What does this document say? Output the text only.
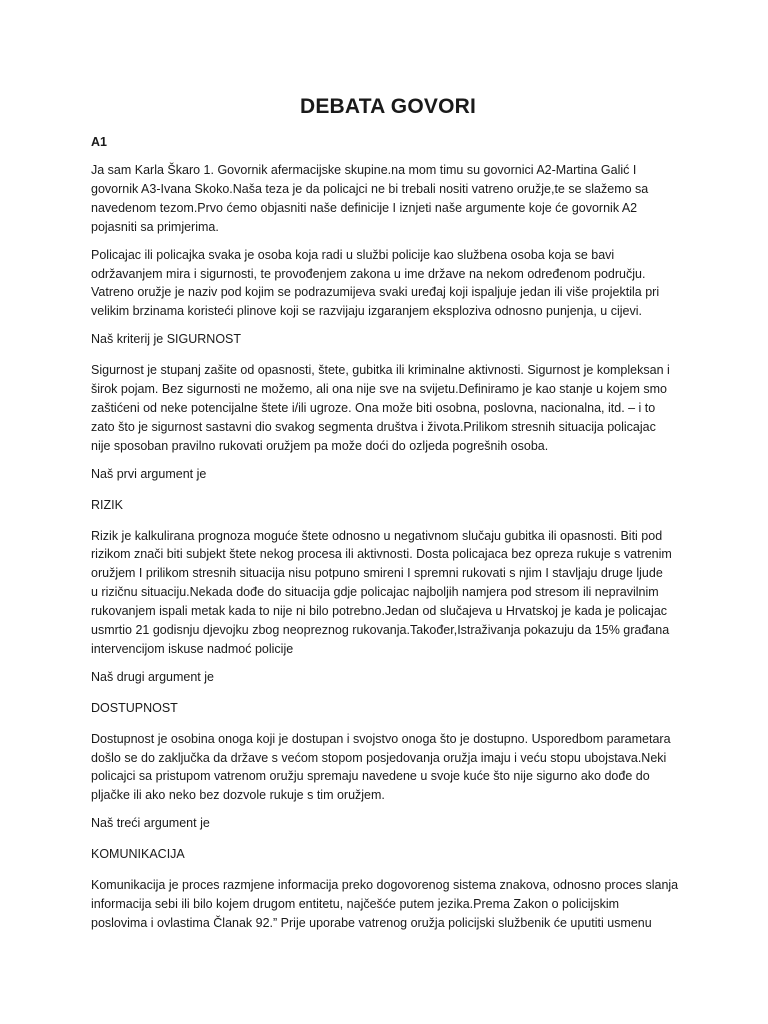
DEBATA GOVORI
A1

Ja sam Karla Škaro 1. Govornik afermacijske skupine.na mom timu su govornici A2-Martina Galić I
govornik A3-Ivana Skoko.Naša teza je da policajci ne bi trebali nositi vatreno oružje,te se slažemo sa
navedenom tezom.Prvo ćemo objasniti naše definicije I iznjeti naše argumente koje će govornik A2
pojasniti sa primjerima.

Policajac ili policajka svaka je osoba koja radi u službi policije kao službena osoba koja se bavi
održavanjem mira i sigurnosti, te provođenjem zakona u ime države na nekom određenom području.
Vatreno oružje je naziv pod kojim se podrazumijeva svaki uređaj koji ispaljuje jedan ili više projektila pri
velikim brzinama koristeći plinove koji se razvijaju izgaranjem eksploziva odnosno punjenja, u cijevi.

Naš kriterij je SIGURNOST

Sigurnost je stupanj zašite od opasnosti, štete, gubitka ili kriminalne aktivnosti. Sigurnost je kompleksan i
širok pojam. Bez sigurnosti ne možemo, ali ona nije sve na svijetu.Definiramo je kao stanje u kojem smo
zaštićeni od neke potencijalne štete i/ili ugroze. Ona može biti osobna, poslovna, nacionalna, itd. – i to
zato što je sigurnost sastavni dio svakog segmenta društva i života.Prilikom stresnih situacija policajac
nije sposoban pravilno rukovati oružjem pa može doći do ozljeda pogrešnih osoba.

Naš prvi argument je

RIZIK

Rizik je kalkulirana prognoza moguće štete odnosno u negativnom slučaju gubitka ili opasnosti. Biti pod
rizikom znači biti subjekt štete nekog procesa ili aktivnosti. Dosta policajaca bez opreza rukuje s vatrenim
oružjem I prilikom stresnih situacija nisu potpuno smireni I spremni rukovati s njim I stavljaju druge ljude
u rizičnu situaciju.Nekada dođe do situacija gdje policajac najboljih namjera pod stresom ili nepravilnim
rukovanjem ispali metak kada to nije ni bilo potrebno.Jedan od slučajeva u Hrvatskoj je kada je policajac
usmrtio 21 godisnju djevojku zbog neopreznog rukovanja.Također,Istraživanja pokazuju da 15% građana
intervencijom iskuse nadmoć policije

Naš drugi argument je

DOSTUPNOST

Dostupnost je osobina onoga koji je dostupan i svojstvo onoga što je dostupno. Usporedbom parametara
došlo se do zaključka da države s većom stopom posjedovanja oružja imaju i veću stopu ubojstava.Neki
policajci sa pristupom vatrenom oružju spremaju navedene u svoje kuće što nije sigurno ako dođe do
pljačke ili ako neko bez dozvole rukuje s tim oružjem.

Naš treći argument je

KOMUNIKACIJA

Komunikacija je proces razmjene informacija preko dogovorenog sistema znakova, odnosno proces slanja
informacija sebi ili bilo kojem drugom entitetu, najčešće putem jezika.Prema Zakon o policijskim
poslovima i ovlastima Članak 92.” Prije uporabe vatrenog oružja policijski službenik će uputiti usmenu
